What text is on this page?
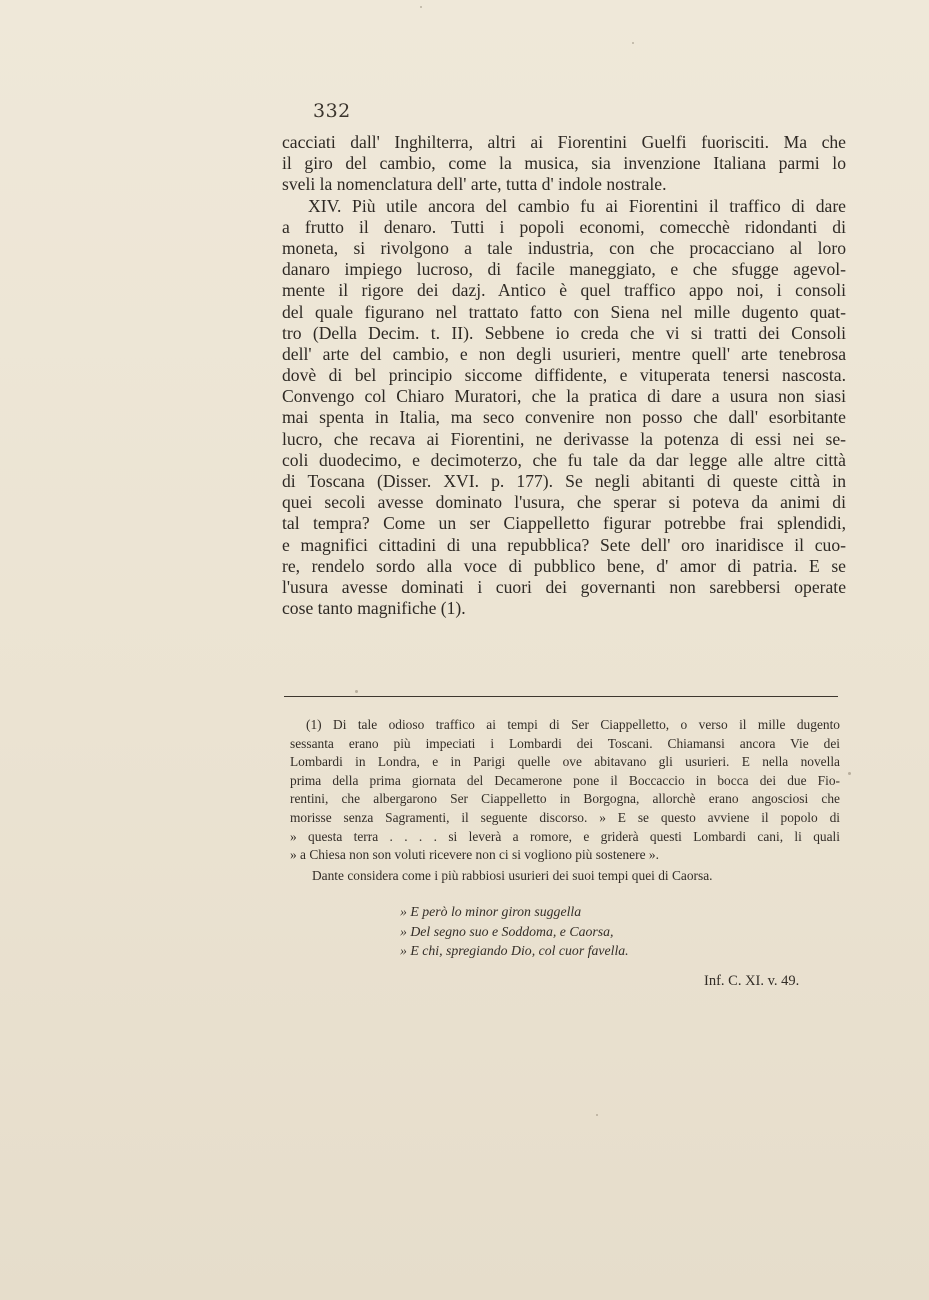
332
cacciati dall' Inghilterra, altri ai Fiorentini Guelfi fuorisciti. Ma che
il giro del cambio, come la musica, sia invenzione Italiana parmi lo
sveli la nomenclatura dell' arte, tutta d' indole nostrale.
XIV. Più utile ancora del cambio fu ai Fiorentini il traffico di dare
a frutto il denaro. Tutti i popoli economi, comecchè ridondanti di
moneta, si rivolgono a tale industria, con che procacciano al loro
danaro impiego lucroso, di facile maneggiato, e che sfugge agevol-
mente il rigore dei dazj. Antico è quel traffico appo noi, i consoli
del quale figurano nel trattato fatto con Siena nel mille dugento quat-
tro (Della Decim. t. II). Sebbene io creda che vi si tratti dei Consoli
dell' arte del cambio, e non degli usurieri, mentre quell' arte tenebrosa
dovè di bel principio siccome diffidente, e vituperata tenersi nascosta.
Convengo col Chiaro Muratori, che la pratica di dare a usura non siasi
mai spenta in Italia, ma seco convenire non posso che dall' esorbitante
lucro, che recava ai Fiorentini, ne derivasse la potenza di essi nei se-
coli duodecimo, e decimoterzo, che fu tale da dar legge alle altre città
di Toscana (Disser. XVI. p. 177). Se negli abitanti di queste città in
quei secoli avesse dominato l'usura, che sperar si poteva da animi di
tal tempra? Come un ser Ciappelletto figurar potrebbe frai splendidi,
e magnifici cittadini di una repubblica? Sete dell' oro inaridisce il cuo-
re, rendelo sordo alla voce di pubblico bene, d' amor di patria. E se
l'usura avesse dominati i cuori dei governanti non sarebbersi operate
cose tanto magnifiche (1).
(1) Di tale odioso traffico ai tempi di Ser Ciappelletto, o verso il mille dugento
sessanta erano più impeciati i Lombardi dei Toscani. Chiamansi ancora Vie dei
Lombardi in Londra, e in Parigi quelle ove abitavano gli usurieri. E nella novella
prima della prima giornata del Decamerone pone il Boccaccio in bocca dei due Fio-
rentini, che albergarono Ser Ciappelletto in Borgogna, allorchè erano angosciosi che
morisse senza Sagramenti, il seguente discorso. » E se questo avviene il popolo di
» questa terra . . . . si leverà a romore, e griderà questi Lombardi cani, li quali
» a Chiesa non son voluti ricevere non ci si vogliono più sostenere ».
Dante considera come i più rabbiosi usurieri dei suoi tempi quei di Caorsa.
» E però lo minor giron suggella
» Del segno suo e Soddoma, e Caorsa,
» E chi, spregiando Dio, col cuor favella.
Inf. C. XI. v. 49.
